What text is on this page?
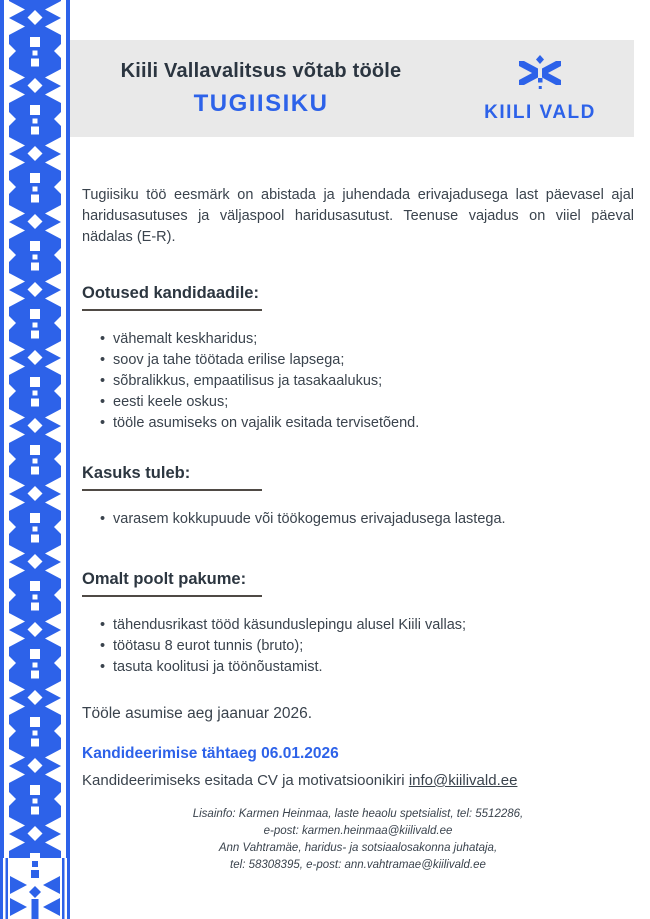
Kiili Vallavalitsus võtab tööle
TUGIISIKU	KIILI VALD

Tugiisiku töö eesmärk on abistada ja juhendada erivajadusega last päevasel ajal haridusasutuses ja väljaspool haridusasutust. Teenuse vajadus on viiel päeval nädalas (E-R).

Ootused kandidaadile:
• vähemalt keskharidus;
• soov ja tahe töötada erilise lapsega;
• sõbralikkus, empaatilisus ja tasakaalukus;
• eesti keele oskus;
• tööle asumiseks on vajalik esitada tervisetõend.
Kasuks tuleb:
• varasem kokkupuude või töökogemus erivajadusega lastega.
Omalt poolt pakume:
• tähendusrikast tööd käsunduslepingu alusel Kiili vallas;
• töötasu 8 eurot tunnis (bruto);
• tasuta koolitusi ja töönõustamist.
Tööle asumise aeg jaanuar 2026.
Kandideerimise tähtaeg 06.01.2026
Kandideerimiseks esitada CV ja motivatsioonikiri info@kiilivald.ee
Lisainfo: Karmen Heinmaa, laste heaolu spetsialist, tel: 5512286,
e-post: karmen.heinmaa@kiilivald.ee
Ann Vahtramäe, haridus- ja sotsiaalosakonna juhataja,
tel: 58308395, e-post: ann.vahtramae@kiilivald.ee
